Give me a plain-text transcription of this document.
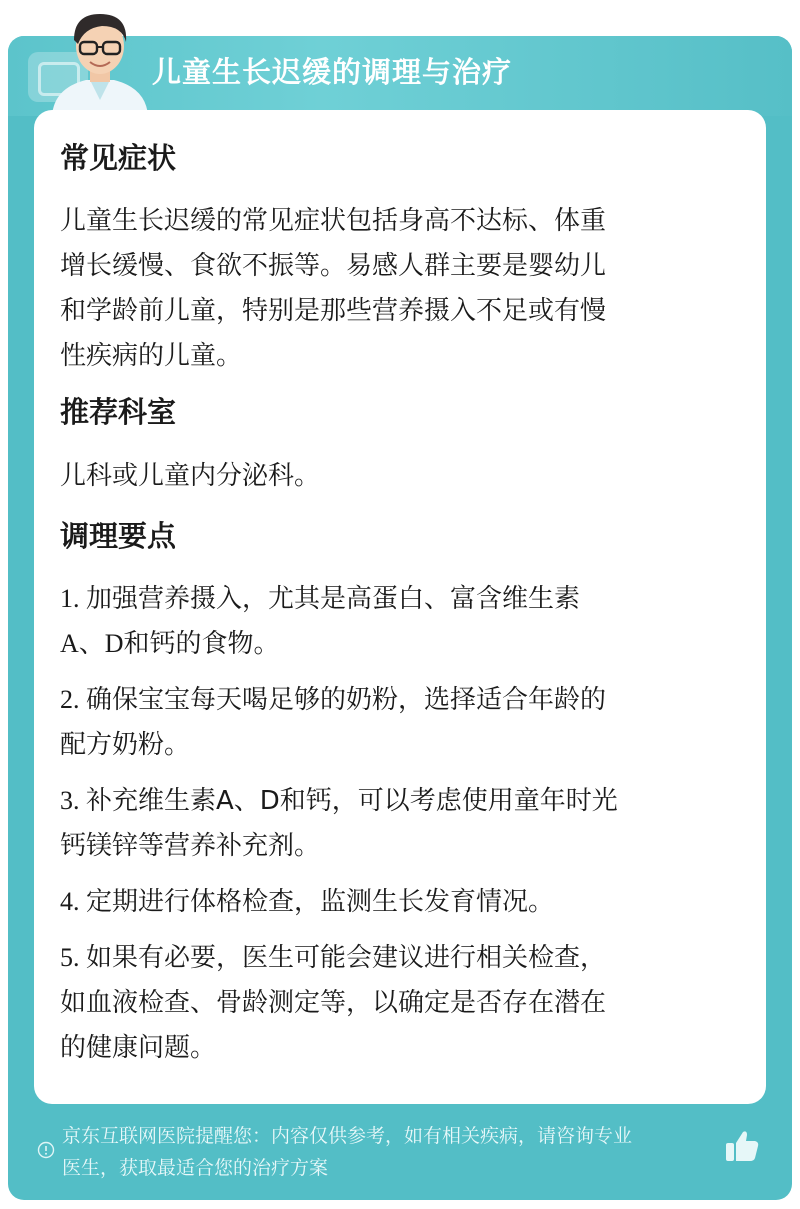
儿童生长迟缓的调理与治疗
常见症状
儿童生长迟缓的常见症状包括身高不达标、体重
增长缓慢、食欲不振等。易感人群主要是婴幼儿
和学龄前儿童，特别是那些营养摄入不足或有慢
性疾病的儿童。
推荐科室
儿科或儿童内分泌科。
调理要点
1. 加强营养摄入，尤其是高蛋白、富含维生素
A、D和钙的食物。
2. 确保宝宝每天喝足够的奶粉，选择适合年龄的
配方奶粉。
3. 补充维生素A、D和钙，可以考虑使用童年时光
钙镁锌等营养补充剂。
4. 定期进行体格检查，监测生长发育情况。
5. 如果有必要，医生可能会建议进行相关检查，
如血液检查、骨龄测定等，以确定是否存在潜在
的健康问题。
京东互联网医院提醒您：内容仅供参考，如有相关疾病，请咨询专业
医生，获取最适合您的治疗方案
